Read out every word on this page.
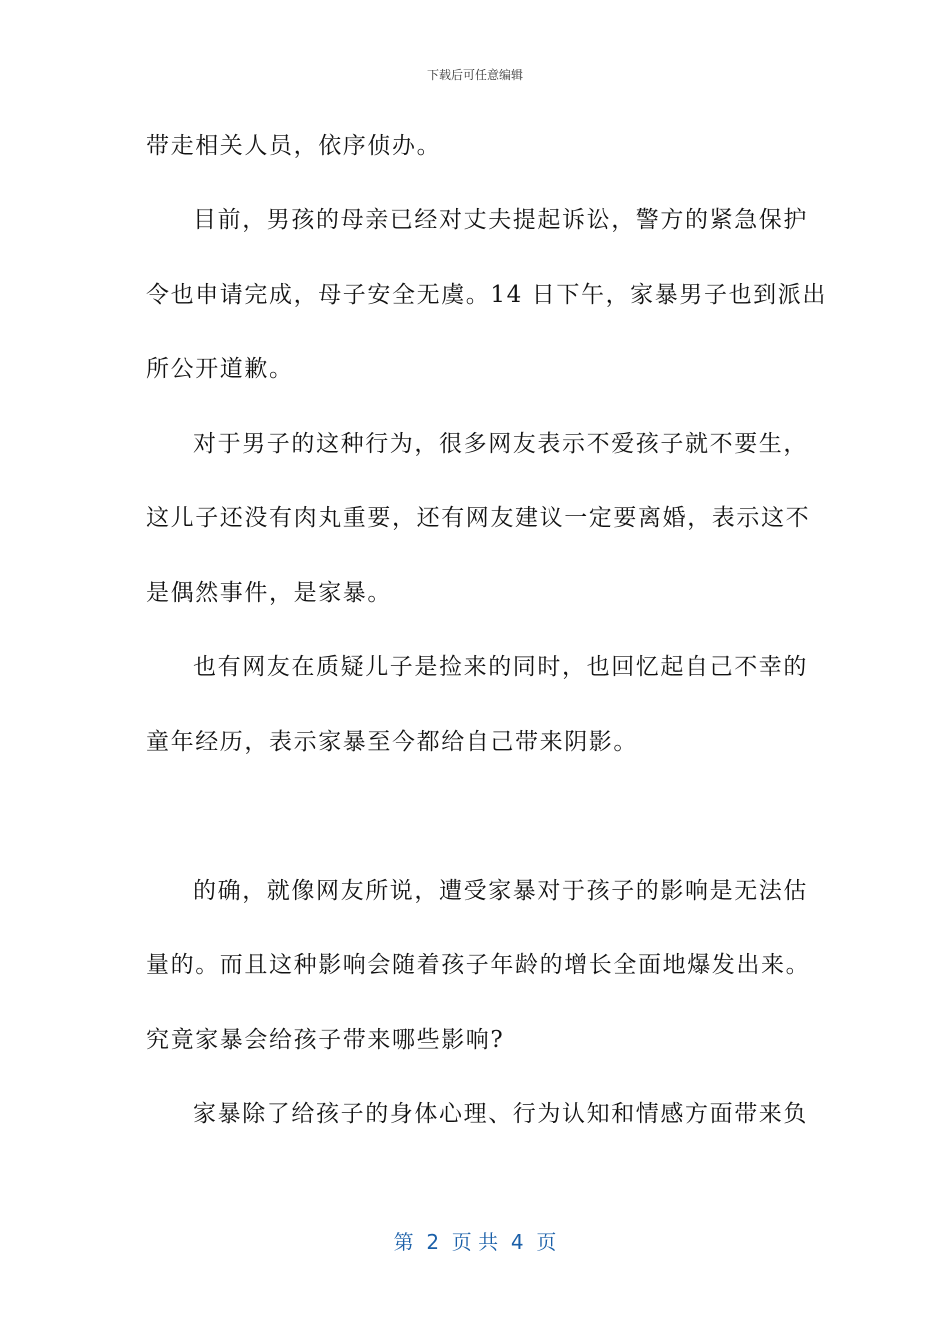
下载后可任意编辑
带走相关人员，依序侦办。
目前，男孩的母亲已经对丈夫提起诉讼，警方的紧急保护
令也申请完成，母子安全无虞。14 日下午，家暴男子也到派出
所公开道歉。
对于男子的这种行为，很多网友表示不爱孩子就不要生，
这儿子还没有肉丸重要，还有网友建议一定要离婚，表示这不
是偶然事件，是家暴。
也有网友在质疑儿子是捡来的同时，也回忆起自己不幸的
童年经历，表示家暴至今都给自己带来阴影。
的确，就像网友所说，遭受家暴对于孩子的影响是无法估
量的。而且这种影响会随着孩子年龄的增长全面地爆发出来。
究竟家暴会给孩子带来哪些影响?
家暴除了给孩子的身体心理、行为认知和情感方面带来负
第  2  页 共  4  页
